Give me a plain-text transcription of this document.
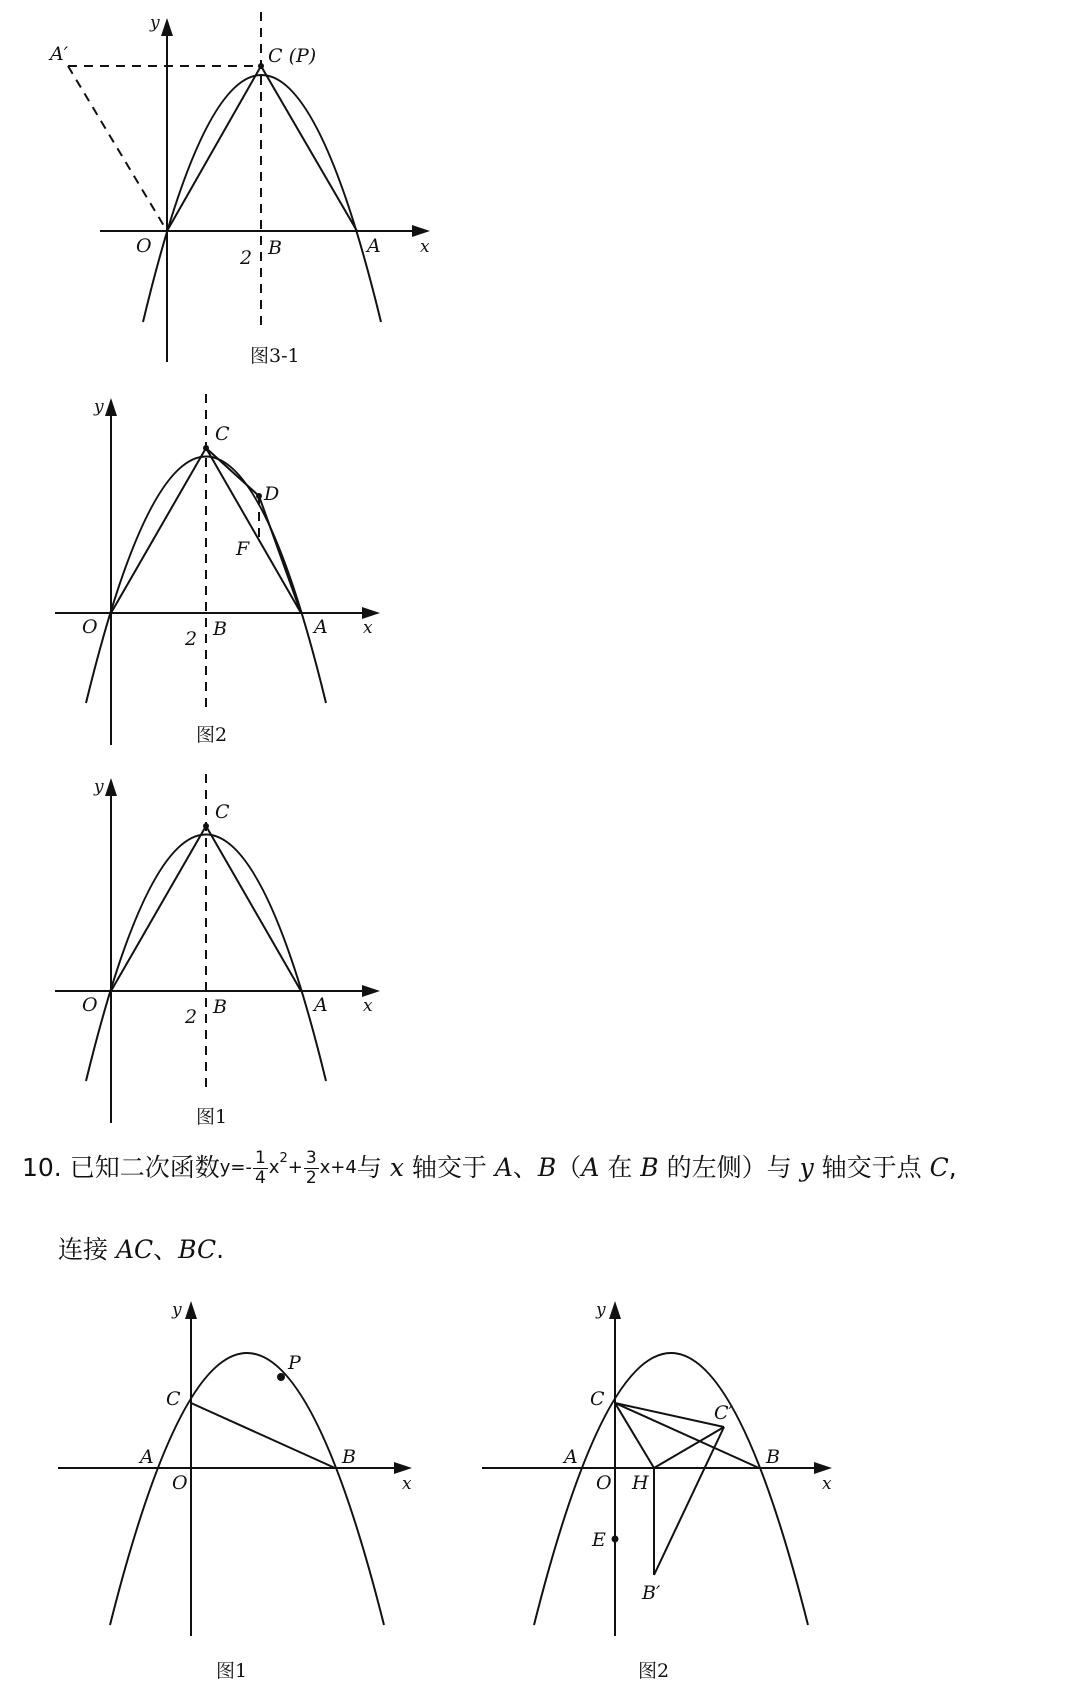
y
A′	C (P)
O
2 B	A x
图3-1
y
C
D
F
O
2 B	A x
图2
y
C
O
2 B	A x
图1
10.
已知二次函数 $y=- \frac{1}{4}$ x $2 + \frac{3}{2} x+4$ 与
x
轴交于
A 、 B （ A
在
B
的左侧）与
y
轴交于点
C ,
连接 AC、BC.
y
P
C
A	B
O	x
图1
y
C
C′
A	B
O H	x
E
B′
图2
